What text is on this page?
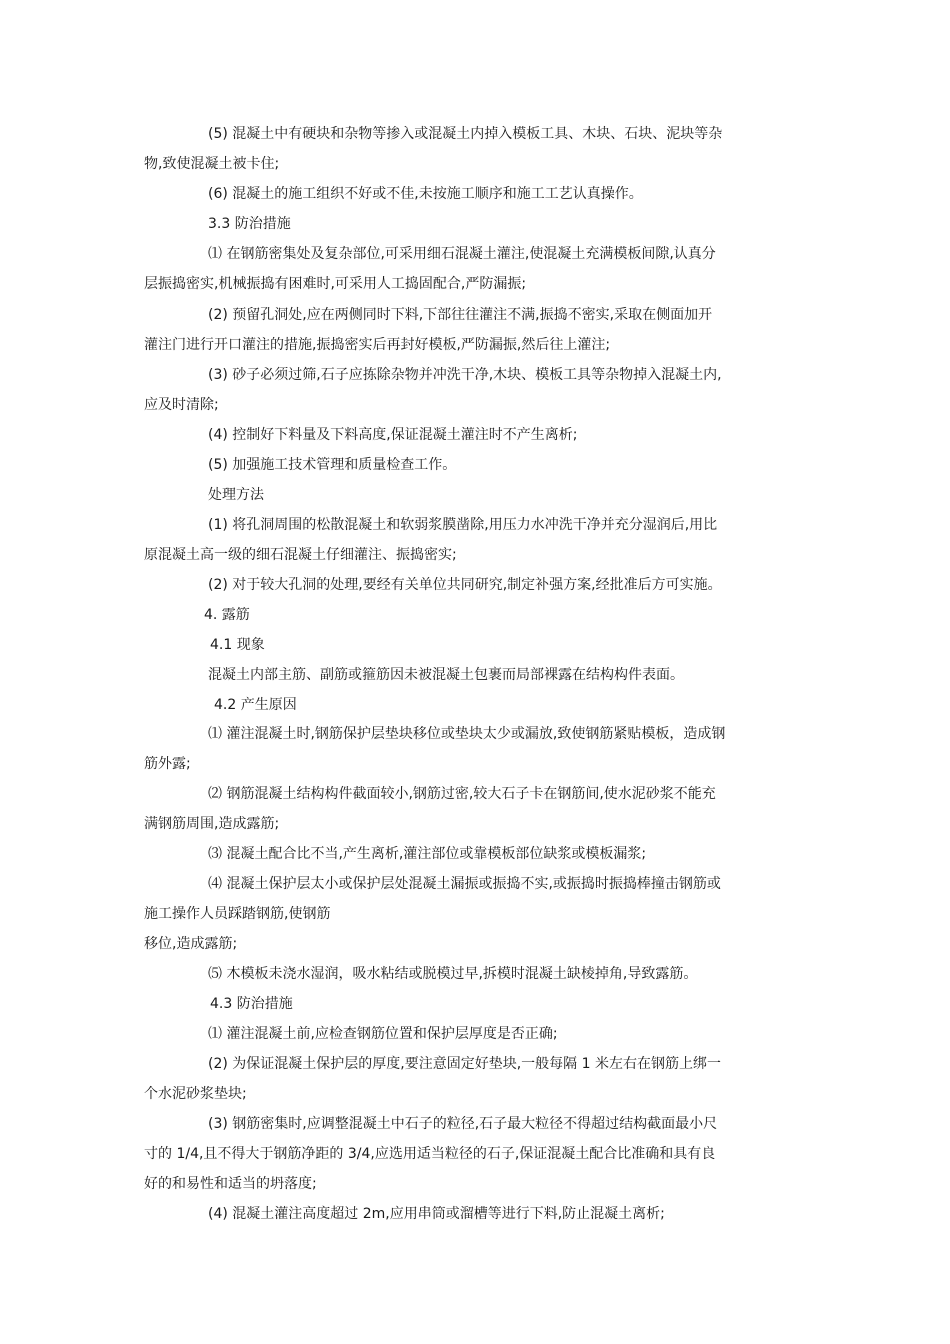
(5) 混凝土中有硬块和杂物等掺入或混凝土内掉入模板工具、木块、石块、泥块等杂
物,致使混凝土被卡住;
(6) 混凝土的施工组织不好或不佳,未按施工顺序和施工工艺认真操作。
3.3 防治措施
⑴ 在钢筋密集处及复杂部位,可采用细石混凝土灌注,使混凝土充满模板间隙,认真分
层振捣密实,机械振捣有困难时,可采用人工捣固配合,严防漏振;
(2) 预留孔洞处,应在两侧同时下料,下部往往灌注不满,振捣不密实,采取在侧面加开
灌注门进行开口灌注的措施,振捣密实后再封好模板,严防漏振,然后往上灌注;
(3) 砂子必须过筛,石子应拣除杂物并冲洗干净,木块、模板工具等杂物掉入混凝土内,
应及时清除;
(4) 控制好下料量及下料高度,保证混凝土灌注时不产生离析;
(5) 加强施工技术管理和质量检查工作。
处理方法
(1) 将孔洞周围的松散混凝土和软弱浆膜凿除,用压力水冲洗干净并充分湿润后,用比
原混凝土高一级的细石混凝土仔细灌注、振捣密实;
(2) 对于较大孔洞的处理,要经有关单位共同研究,制定补强方案,经批准后方可实施。
4. 露筋
4.1 现象
混凝土内部主筋、副筋或箍筋因未被混凝土包裹而局部裸露在结构构件表面。
4.2 产生原因
⑴ 灌注混凝土时,钢筋保护层垫块移位或垫块太少或漏放,致使钢筋紧贴模板，造成钢
筋外露;
⑵ 钢筋混凝土结构构件截面较小,钢筋过密,较大石子卡在钢筋间,使水泥砂浆不能充
满钢筋周围,造成露筋;
⑶ 混凝土配合比不当,产生离析,灌注部位或靠模板部位缺浆或模板漏浆;
⑷ 混凝土保护层太小或保护层处混凝土漏振或振捣不实,或振捣时振捣棒撞击钢筋或
施工操作人员踩踏钢筋,使钢筋
移位,造成露筋;
⑸ 木模板未浇水湿润，吸水粘结或脱模过早,拆模时混凝土缺棱掉角,导致露筋。
4.3 防治措施
⑴ 灌注混凝土前,应检查钢筋位置和保护层厚度是否正确;
(2) 为保证混凝土保护层的厚度,要注意固定好垫块,一般每隔 1 米左右在钢筋上绑一
个水泥砂浆垫块;
(3) 钢筋密集时,应调整混凝土中石子的粒径,石子最大粒径不得超过结构截面最小尺
寸的 1/4,且不得大于钢筋净距的 3/4,应选用适当粒径的石子,保证混凝土配合比准确和具有良
好的和易性和适当的坍落度;
(4) 混凝土灌注高度超过 2m,应用串筒或溜槽等进行下料,防止混凝土离析;
